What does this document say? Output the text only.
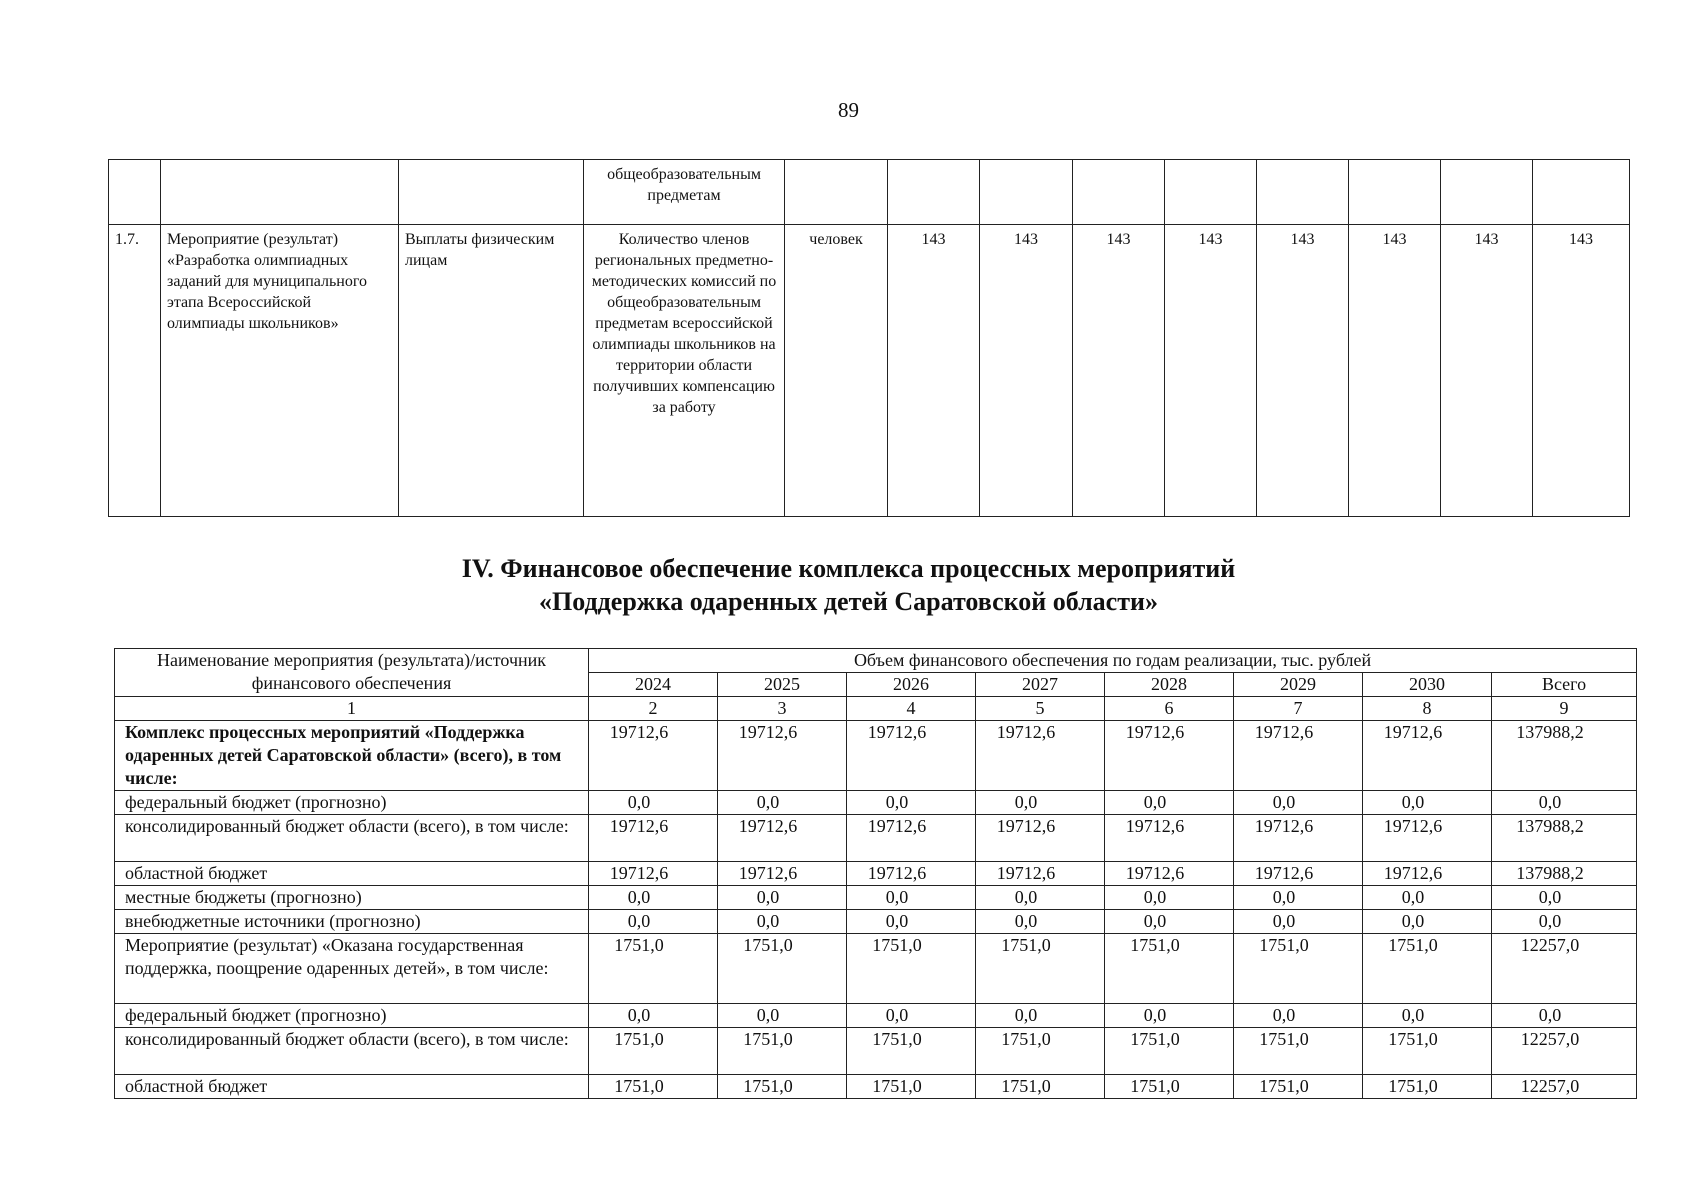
89
			общеобразовательным предметам									
1.7.	Мероприятие (результат) «Разработка олимпиадных заданий для муниципального этапа Всероссийской олимпиады школьников»	Выплаты физическим лицам	Количество членов региональных предметно-методических комиссий по общеобразовательным предметам всероссийской олимпиады школьников на территории области получивших компенсацию за работу	человек	143	143	143	143	143	143	143	143
IV. Финансовое обеспечение комплекса процессных мероприятий
«Поддержка одаренных детей Саратовской области»
Наименование мероприятия (результата)/источник финансового обеспечения	Объем финансового обеспечения по годам реализации, тыс. рублей							
	2024	2025	2026	2027	2028	2029	2030	Всего
1	2	3	4	5	6	7	8	9
Комплекс процессных мероприятий «Поддержка одаренных детей Саратовской области» (всего), в том числе:	19712,6	19712,6	19712,6	19712,6	19712,6	19712,6	19712,6	137988,2
федеральный бюджет (прогнозно)	0,0	0,0	0,0	0,0	0,0	0,0	0,0	0,0
консолидированный бюджет области (всего), в том числе:	19712,6	19712,6	19712,6	19712,6	19712,6	19712,6	19712,6	137988,2
областной бюджет	19712,6	19712,6	19712,6	19712,6	19712,6	19712,6	19712,6	137988,2
местные бюджеты (прогнозно)	0,0	0,0	0,0	0,0	0,0	0,0	0,0	0,0
внебюджетные источники (прогнозно)	0,0	0,0	0,0	0,0	0,0	0,0	0,0	0,0
Мероприятие (результат) «Оказана государственная поддержка, поощрение одаренных детей», в том числе:	1751,0	1751,0	1751,0	1751,0	1751,0	1751,0	1751,0	12257,0
федеральный бюджет (прогнозно)	0,0	0,0	0,0	0,0	0,0	0,0	0,0	0,0
консолидированный бюджет области (всего), в том числе:	1751,0	1751,0	1751,0	1751,0	1751,0	1751,0	1751,0	12257,0
областной бюджет	1751,0	1751,0	1751,0	1751,0	1751,0	1751,0	1751,0	12257,0
